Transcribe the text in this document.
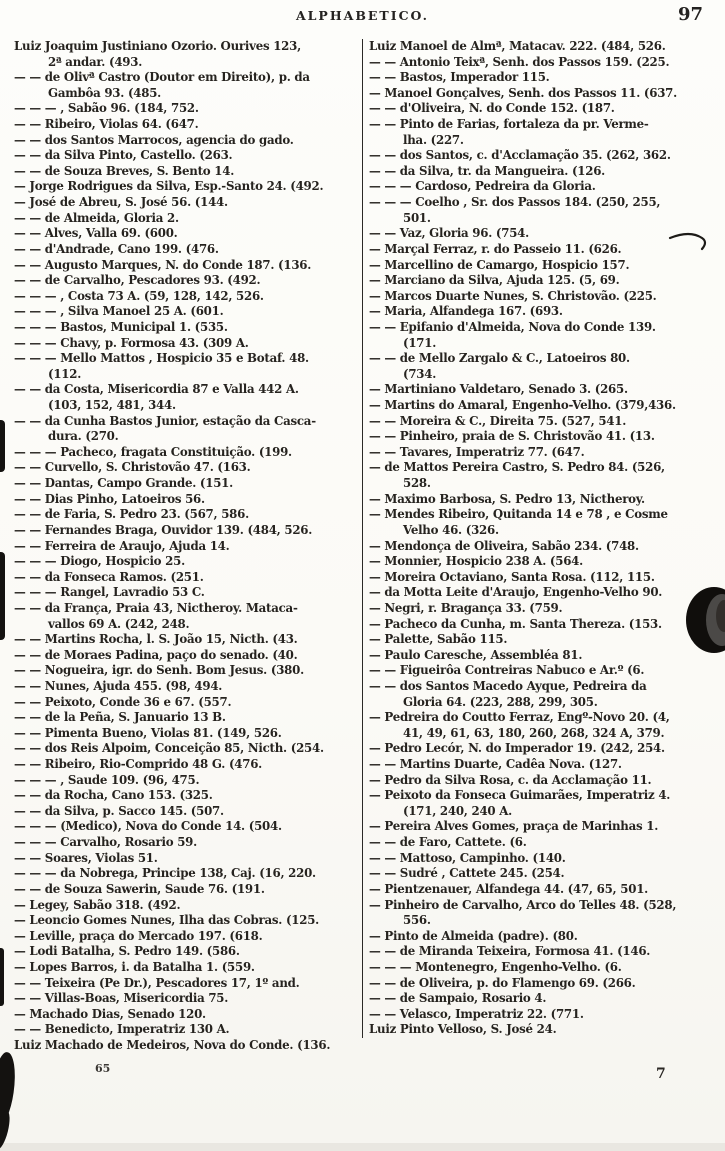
ALPHABETICO.	97
Luiz Joaquim Justiniano Ozorio. Ourives 123,
2ª andar. (493.
— — de Olivª Castro (Doutor em Direito), p. da
Gambôa 93. (485.
— — — , Sabão 96. (184, 752.
— — Ribeiro, Violas 64. (647.
— — dos Santos Marrocos, agencia do gado.
— — da Silva Pinto, Castello. (263.
— — de Souza Breves, S. Bento 14.
— Jorge Rodrigues da Silva, Esp.-Santo 24. (492.
— José de Abreu, S. José 56. (144.
— — de Almeida, Gloria 2.
— — Alves, Valla 69. (600.
— — d'Andrade, Cano 199. (476.
— — Augusto Marques, N. do Conde 187. (136.
— — de Carvalho, Pescadores 93. (492.
— — — , Costa 73 A. (59, 128, 142, 526.
— — — , Silva Manoel 25 A. (601.
— — — Bastos, Municipal 1. (535.
— — — Chavy, p. Formosa 43. (309 A.
— — — Mello Mattos , Hospicio 35 e Botaf. 48.
(112.
— — da Costa, Misericordia 87 e Valla 442 A.
(103, 152, 481, 344.
— — da Cunha Bastos Junior, estação da Casca-
dura. (270.
— — — Pacheco, fragata Constituição. (199.
— — Curvello, S. Christovão 47. (163.
— — Dantas, Campo Grande. (151.
— — Dias Pinho, Latoeiros 56.
— — de Faria, S. Pedro 23. (567, 586.
— — Fernandes Braga, Ouvidor 139. (484, 526.
— — Ferreira de Araujo, Ajuda 14.
— — — Diogo, Hospicio 25.
— — da Fonseca Ramos. (251.
— — — Rangel, Lavradio 53 C.
— — da França, Praia 43, Nictheroy. Mataca-
vallos 69 A. (242, 248.
— — Martins Rocha, l. S. João 15, Nicth. (43.
— — de Moraes Padina, paço do senado. (40.
— — Nogueira, igr. do Senh. Bom Jesus. (380.
— — Nunes, Ajuda 455. (98, 494.
— — Peixoto, Conde 36 e 67. (557.
— — de la Peña, S. Januario 13 B.
— — Pimenta Bueno, Violas 81. (149, 526.
— — dos Reis Alpoim, Conceição 85, Nicth. (254.
— — Ribeiro, Rio-Comprido 48 G. (476.
— — — , Saude 109. (96, 475.
— — da Rocha, Cano 153. (325.
— — da Silva, p. Sacco 145. (507.
— — — (Medico), Nova do Conde 14. (504.
— — — Carvalho, Rosario 59.
— — Soares, Violas 51.
— — — da Nobrega, Principe 138, Caj. (16, 220.
— — de Souza Sawerin, Saude 76. (191.
— Legey, Sabão 318. (492.
— Leoncio Gomes Nunes, Ilha das Cobras. (125.
— Leville, praça do Mercado 197. (618.
— Lodi Batalha, S. Pedro 149. (586.
— Lopes Barros, i. da Batalha 1. (559.
— — Teixeira (Pe Dr.), Pescadores 17, 1º and.
— — Villas-Boas, Misericordia 75.
— Machado Dias, Senado 120.
— — Benedicto, Imperatriz 130 A.
Luiz Machado de Medeiros, Nova do Conde. (136.
Luiz Manoel de Almª, Matacav. 222. (484, 526.
— — Antonio Teixª, Senh. dos Passos 159. (225.
— — Bastos, Imperador 115.
— Manoel Gonçalves, Senh. dos Passos 11. (637.
— — d'Oliveira, N. do Conde 152. (187.
— — Pinto de Farias, fortaleza da pr. Verme-
lha. (227.
— — dos Santos, c. d'Acclamação 35. (262, 362.
— — da Silva, tr. da Mangueira. (126.
— — — Cardoso, Pedreira da Gloria.
— — — Coelho , Sr. dos Passos 184. (250, 255,
501.
— — Vaz, Gloria 96. (754.
— Marçal Ferraz, r. do Passeio 11. (626.
— Marcellino de Camargo, Hospicio 157.
— Marciano da Silva, Ajuda 125. (5, 69.
— Marcos Duarte Nunes, S. Christovão. (225.
— Maria, Alfandega 167. (693.
— — Epifanio d'Almeida, Nova do Conde 139.
(171.
— — de Mello Zargalo & C., Latoeiros 80.
(734.
— Martiniano Valdetaro, Senado 3. (265.
— Martins do Amaral, Engenho-Velho. (379,436.
— — Moreira & C., Direita 75. (527, 541.
— — Pinheiro, praia de S. Christovão 41. (13.
— — Tavares, Imperatriz 77. (647.
— de Mattos Pereira Castro, S. Pedro 84. (526,
528.
— Maximo Barbosa, S. Pedro 13, Nictheroy.
— Mendes Ribeiro, Quitanda 14 e 78 , e Cosme
Velho 46. (326.
— Mendonça de Oliveira, Sabão 234. (748.
— Monnier, Hospicio 238 A. (564.
— Moreira Octaviano, Santa Rosa. (112, 115.
— da Motta Leite d'Araujo, Engenho-Velho 90.
— Negri, r. Bragança 33. (759.
— Pacheco da Cunha, m. Santa Thereza. (153.
— Palette, Sabão 115.
— Paulo Caresche, Assembléa 81.
— — Figueirôa Contreiras Nabuco e Ar.º (6.
— — dos Santos Macedo Ayque, Pedreira da
Gloria 64. (223, 288, 299, 305.
— Pedreira do Coutto Ferraz, Engº-Novo 20. (4,
41, 49, 61, 63, 180, 260, 268, 324 A, 379.
— Pedro Lecór, N. do Imperador 19. (242, 254.
— — Martins Duarte, Cadêa Nova. (127.
— Pedro da Silva Rosa, c. da Acclamação 11.
— Peixoto da Fonseca Guimarães, Imperatriz 4.
(171, 240, 240 A.
— Pereira Alves Gomes, praça de Marinhas 1.
— — de Faro, Cattete. (6.
— — Mattoso, Campinho. (140.
— — Sudré , Cattete 245. (254.
— Pientzenauer, Alfandega 44. (47, 65, 501.
— Pinheiro de Carvalho, Arco do Telles 48. (528,
556.
— Pinto de Almeida (padre). (80.
— — de Miranda Teixeira, Formosa 41. (146.
— — — Montenegro, Engenho-Velho. (6.
— — de Oliveira, p. do Flamengo 69. (266.
— — de Sampaio, Rosario 4.
— — Velasco, Imperatriz 22. (771.
Luiz Pinto Velloso, S. José 24.
65	7
